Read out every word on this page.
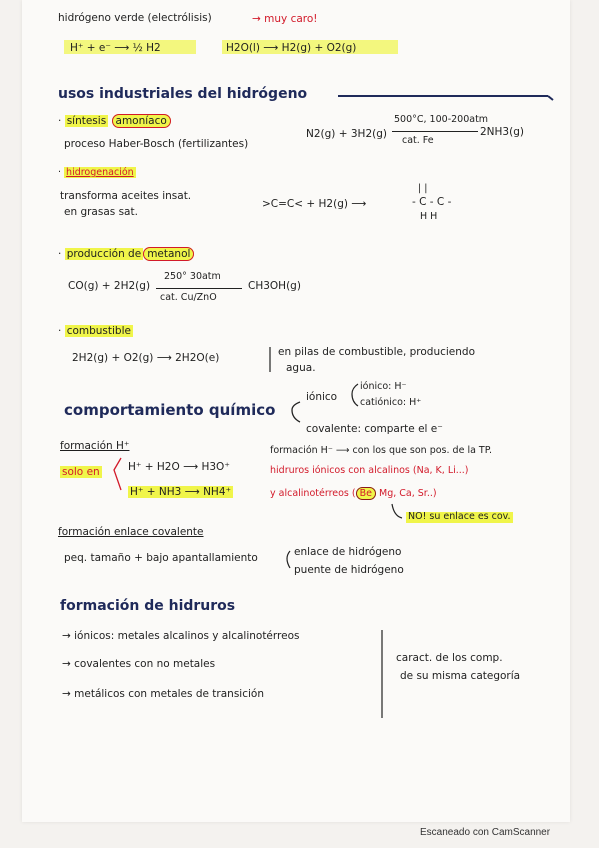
hidrógeno verde (electrólisis)	→ muy caro!
H⁺ + e⁻ ⟶ ½ H2	H2O(l) ⟶ H2(g) + O2(g)
usos industriales del hidrógeno
· síntesis amoníaco
proceso Haber-Bosch (fertilizantes)
N2(g) + 3H2(g)
500°C, 100-200atm
cat. Fe
2NH3(g)
· hidrogenación
transforma aceites insat.
en grasas sat.
>C=C< + H2(g) ⟶
| |
- C - C -
H H
· producción de metanol
CO(g) + 2H2(g)
250° 30atm
cat. Cu/ZnO
CH3OH(g)
· combustible
2H2(g) + O2(g) ⟶ 2H2O(e)	en pilas de combustible, produciendo
agua.
comportamiento químico
iónico
iónico: H⁻
catiónico: H⁺
covalente: comparte el e⁻
formación H⁺
solo en	H⁺ + H2O ⟶ H3O⁺
H⁺ + NH3 ⟶ NH4⁺
formación H⁻ ⟶ con los que son pos. de la TP.
hidruros iónicos con alcalinos (Na, K, Li...)
y alcalinotérreos ( Be Mg, Ca, Sr..)
NO! su enlace es cov.
formación enlace covalente
peq. tamaño + bajo apantallamiento	enlace de hidrógeno
puente de hidrógeno
formación de hidruros
→ iónicos: metales alcalinos y alcalinotérreos
→ covalentes con no metales
→ metálicos con metales de transición
caract. de los comp.
de su misma categoría
Escaneado con CamScanner
